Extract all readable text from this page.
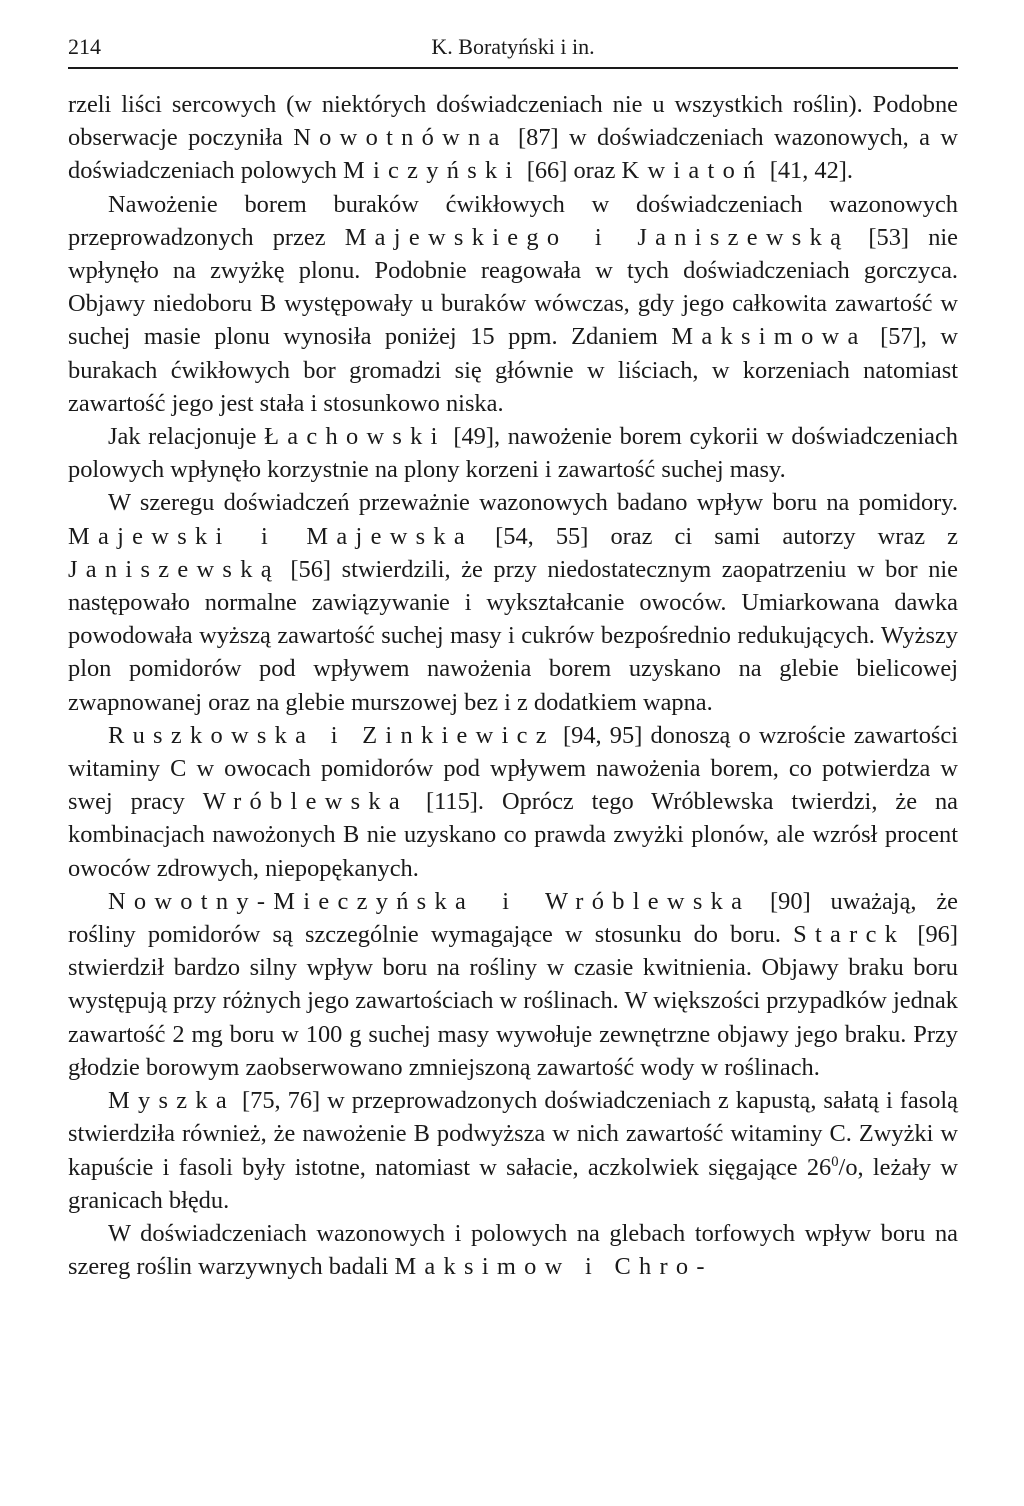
214	K. Boratyński i in.

rzeli liści sercowych (w niektórych doświadczeniach nie u wszystkich roślin). Podobne obserwacje poczyniła Nowotnówna [87] w doświadczeniach wazonowych, a w doświadczeniach polowych Miczyński [66] oraz Kwiatoń [41, 42].

Nawożenie borem buraków ćwikłowych w doświadczeniach wazonowych przeprowadzonych przez Majewskiego i Janiszewską [53] nie wpłynęło na zwyżkę plonu. Podobnie reagowała w tych doświadczeniach gorczyca. Objawy niedoboru B występowały u buraków wówczas, gdy jego całkowita zawartość w suchej masie plonu wynosiła poniżej 15 ppm. Zdaniem Maksimowa [57], w burakach ćwikłowych bor gromadzi się głównie w liściach, w korzeniach natomiast zawartość jego jest stała i stosunkowo niska.

Jak relacjonuje Łachowski [49], nawożenie borem cykorii w doświadczeniach polowych wpłynęło korzystnie na plony korzeni i zawartość suchej masy.

W szeregu doświadczeń przeważnie wazonowych badano wpływ boru na pomidory. Majewski i Majewska [54, 55] oraz ci sami autorzy wraz z Janiszewską [56] stwierdzili, że przy niedostatecznym zaopatrzeniu w bor nie następowało normalne zawiązywanie i wykształcanie owoców. Umiarkowana dawka powodowała wyższą zawartość suchej masy i cukrów bezpośrednio redukujących. Wyższy plon pomidorów pod wpływem nawożenia borem uzyskano na glebie bielicowej zwapnowanej oraz na glebie murszowej bez i z dodatkiem wapna.

Ruszkowska i Zinkiewicz [94, 95] donoszą o wzroście zawartości witaminy C w owocach pomidorów pod wpływem nawożenia borem, co potwierdza w swej pracy Wróblewska [115]. Oprócz tego Wróblewska twierdzi, że na kombinacjach nawożonych B nie uzyskano co prawda zwyżki plonów, ale wzrósł procent owoców zdrowych, niepopękanych.

Nowotny-Mieczyńska i Wróblewska [90] uważają, że rośliny pomidorów są szczególnie wymagające w stosunku do boru. Starck [96] stwierdził bardzo silny wpływ boru na rośliny w czasie kwitnienia. Objawy braku boru występują przy różnych jego zawartościach w roślinach. W większości przypadków jednak zawartość 2 mg boru w 100 g suchej masy wywołuje zewnętrzne objawy jego braku. Przy głodzie borowym zaobserwowano zmniejszoną zawartość wody w roślinach.

Myszka [75, 76] w przeprowadzonych doświadczeniach z kapustą, sałatą i fasolą stwierdziła również, że nawożenie B podwyższa w nich zawartość witaminy C. Zwyżki w kapuście i fasoli były istotne, natomiast w sałacie, aczkolwiek sięgające $26^0/o$, leżały w granicach błędu.

W doświadczeniach wazonowych i polowych na glebach torfowych wpływ boru na szereg roślin warzywnych badali Maksimow i Chro-
